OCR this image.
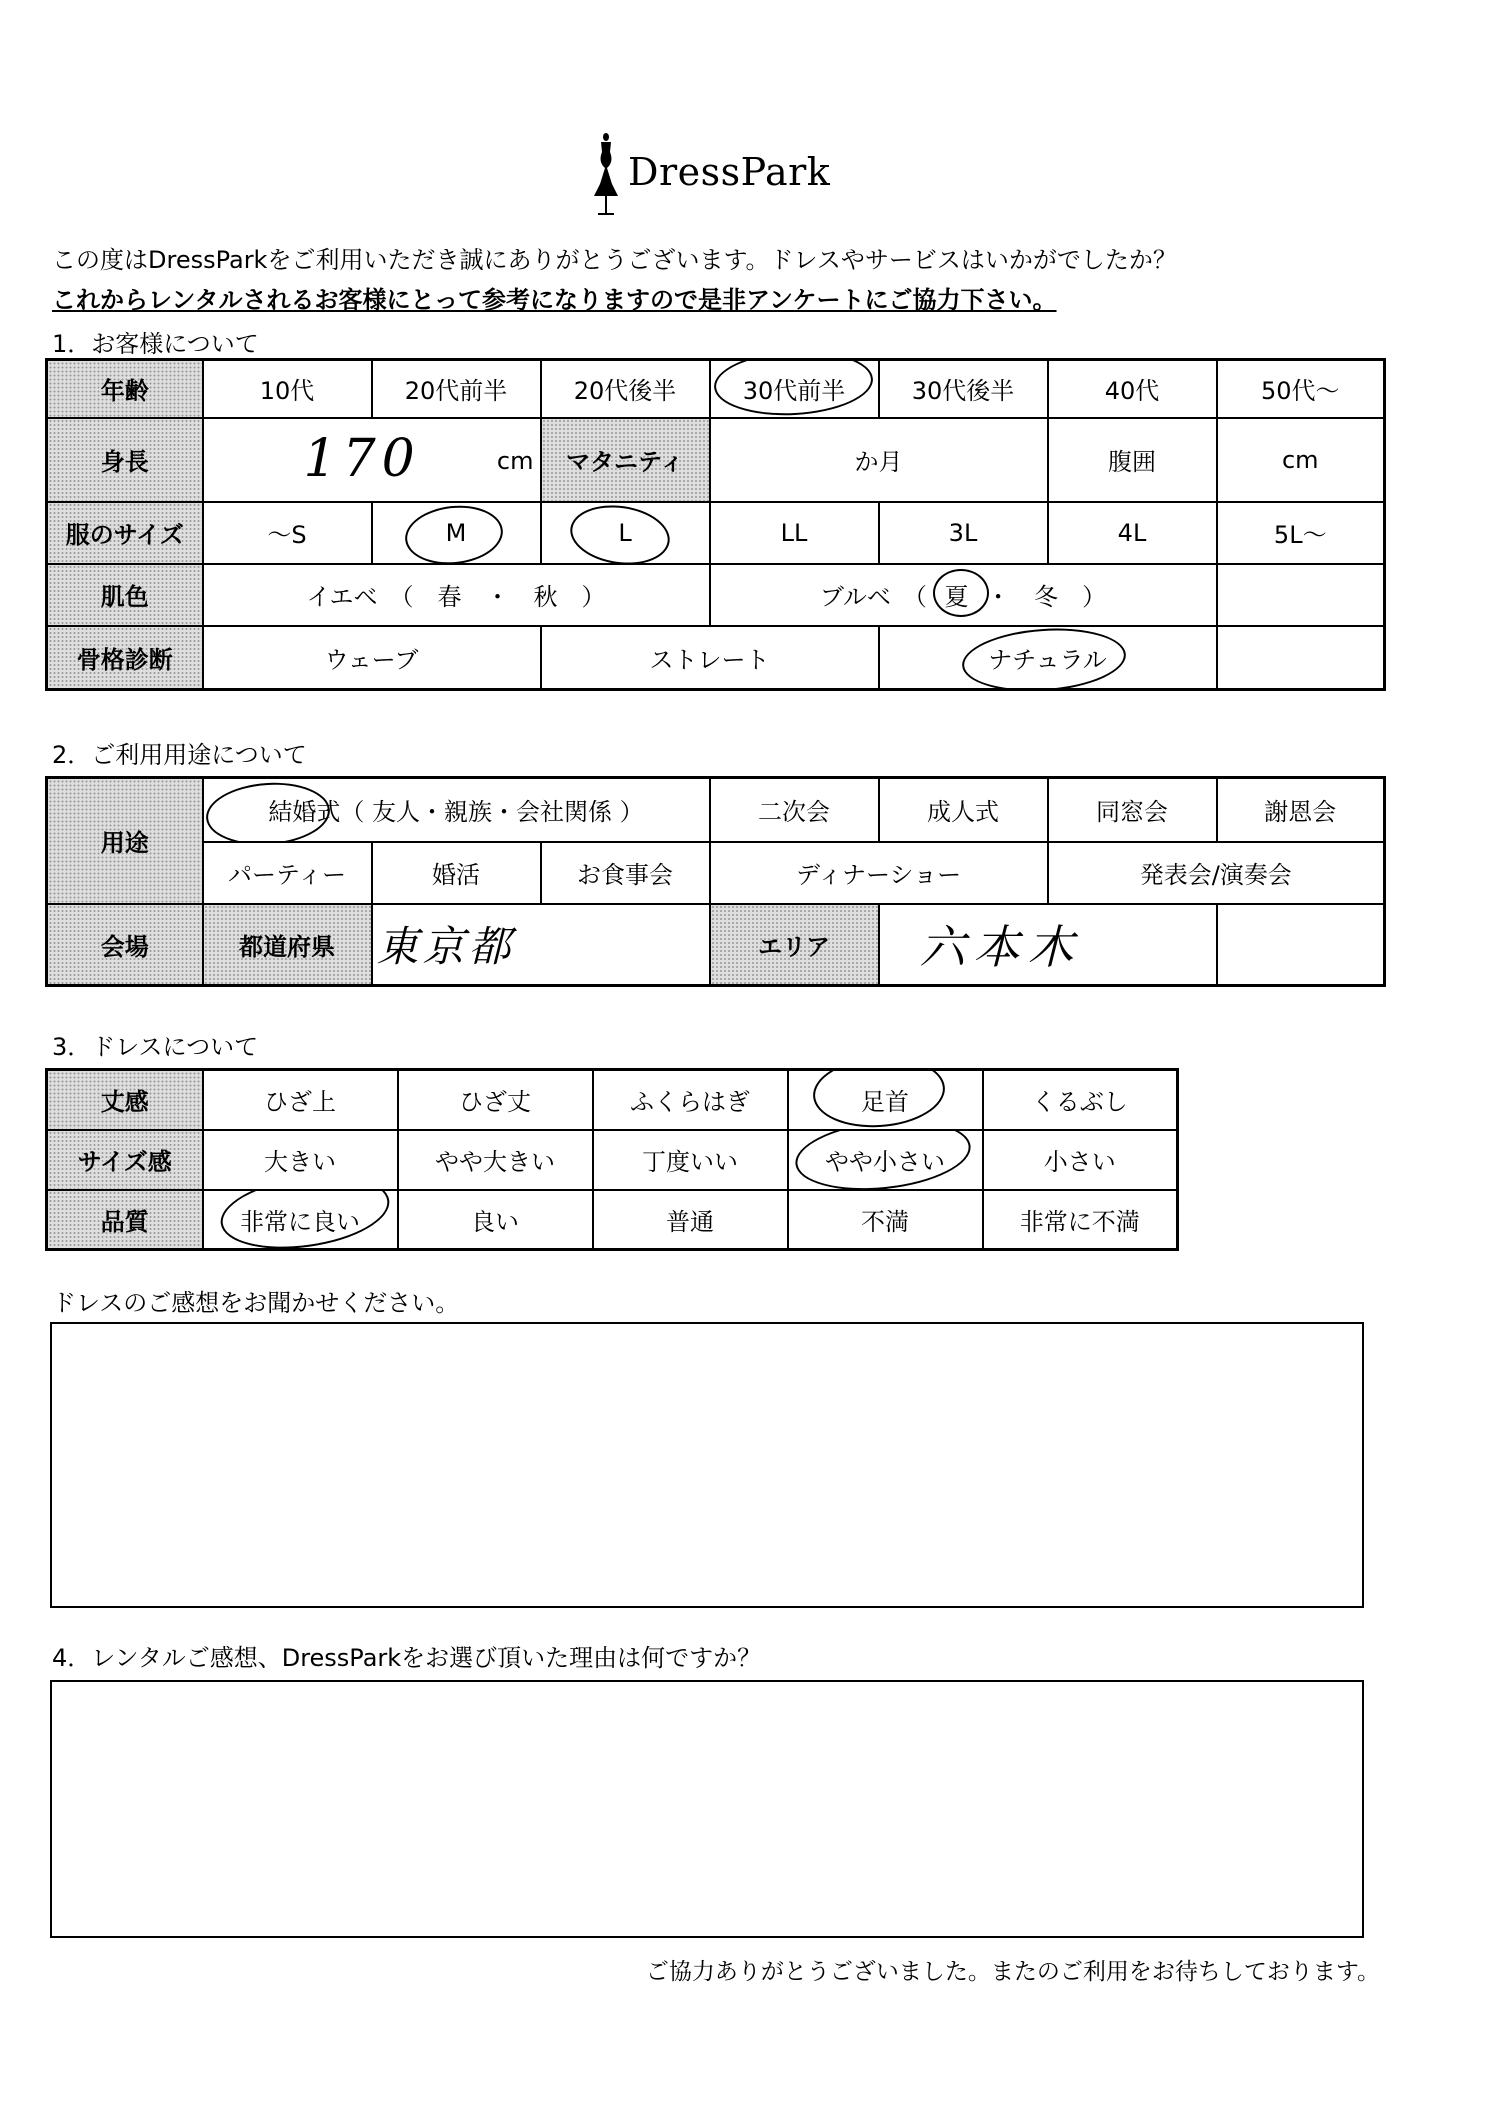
DressPark
この度はDressParkをご利用いただき誠にありがとうございます。ドレスやサービスはいかがでしたか？
これからレンタルされるお客様にとって参考になりますので是非アンケートにご協力下さい。
1．お客様について
年齢	10代	20代前半	20代後半	30代前半	30代後半	40代	50代～
身長	170 cm		マタニティ	か月		腹囲	cm
服のサイズ	～S	M	L	LL	3L	4L	5L～
肌色	イエベ　（　春　・　秋　）			ブルベ　（ 夏 ・　冬　）			
骨格診断	ウェーブ		ストレート		ナチュラル	

2．ご利用用途について
用途	結婚式（ 友人・親族・会社関係 ）			二次会	成人式	同窓会	謝恩会
	パーティー	婚活	お食事会	ディナーショー		発表会/演奏会	
会場	都道府県	東京都		エリア	六本木		
3．ドレスについて
丈感	ひざ上	ひざ丈	ふくらはぎ	足首	くるぶし
サイズ感	大きい	やや大きい	丁度いい	やや小さい	小さい
品質	非常に良い	良い	普通	不満	非常に不満
ドレスのご感想をお聞かせください。
4．レンタルご感想、DressParkをお選び頂いた理由は何ですか？
ご協力ありがとうございました。またのご利用をお待ちしております。
